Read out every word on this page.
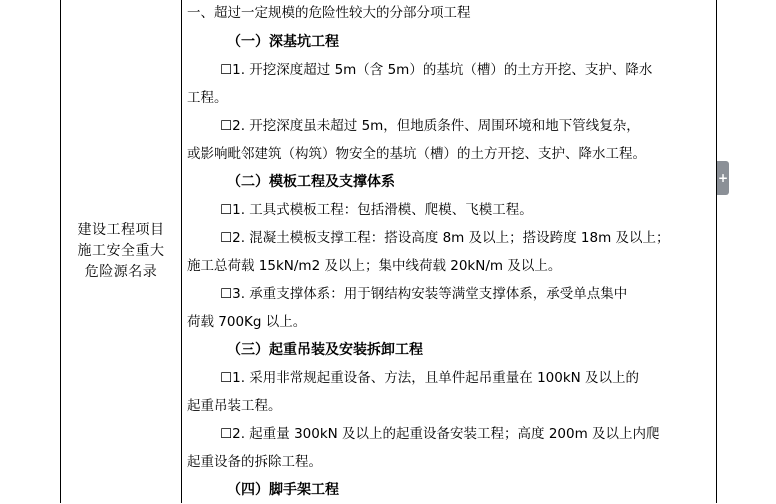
建设工程项目
施工安全重大
危险源名录
一、超过一定规模的危险性较大的分部分项工程
（一）深基坑工程
☐1. 开挖深度超过 5m（含 5m）的基坑（槽）的土方开挖、支护、降水
工程。
☐2. 开挖深度虽未超过 5m，但地质条件、周围环境和地下管线复杂，
或影响毗邻建筑（构筑）物安全的基坑（槽）的土方开挖、支护、降水工程。
（二）模板工程及支撑体系
☐1. 工具式模板工程：包括滑模、爬模、飞模工程。
☐2. 混凝土模板支撑工程：搭设高度 8m 及以上；搭设跨度 18m 及以上；
施工总荷载 15kN/m2 及以上；集中线荷载 20kN/m 及以上。
☐3. 承重支撑体系：用于钢结构安装等满堂支撑体系，承受单点集中
荷载 700Kg 以上。
（三）起重吊装及安装拆卸工程
☐1. 采用非常规起重设备、方法，且单件起吊重量在 100kN 及以上的
起重吊装工程。
☐2. 起重量 300kN 及以上的起重设备安装工程；高度 200m 及以上内爬
起重设备的拆除工程。
（四）脚手架工程
+
